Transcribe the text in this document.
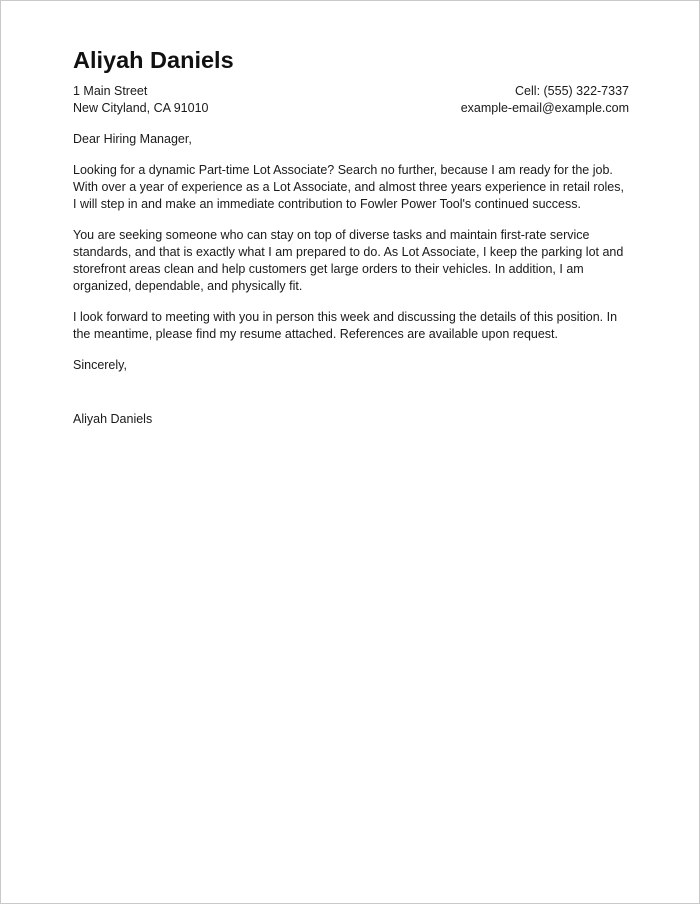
Aliyah Daniels
1 Main Street
New Cityland, CA 91010
Cell: (555) 322-7337
example-email@example.com
Dear Hiring Manager,
Looking for a dynamic Part-time Lot Associate? Search no further, because I am ready for the job.
With over a year of experience as a Lot Associate, and almost three years experience in retail roles,
I will step in and make an immediate contribution to Fowler Power Tool's continued success.
You are seeking someone who can stay on top of diverse tasks and maintain first-rate service
standards, and that is exactly what I am prepared to do. As Lot Associate, I keep the parking lot and
storefront areas clean and help customers get large orders to their vehicles. In addition, I am
organized, dependable, and physically fit.
I look forward to meeting with you in person this week and discussing the details of this position. In
the meantime, please find my resume attached. References are available upon request.
Sincerely,
Aliyah Daniels
